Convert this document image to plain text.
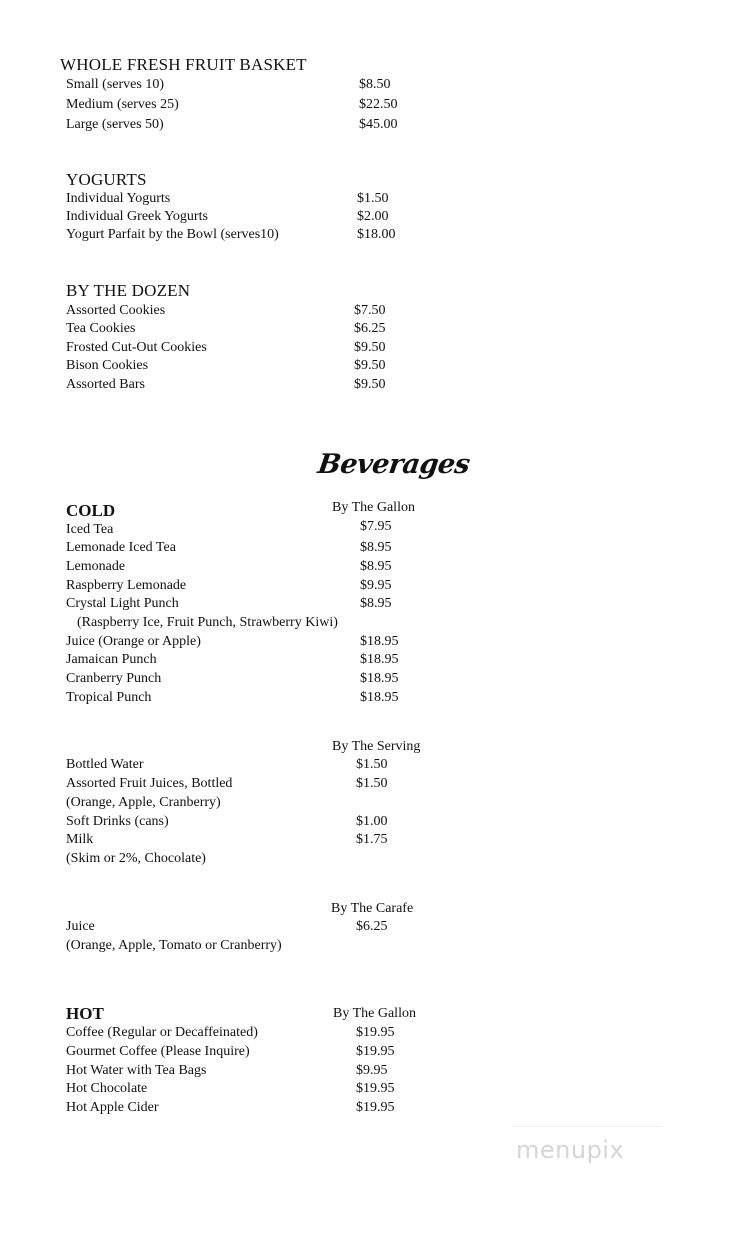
WHOLE FRESH FRUIT BASKET
Small (serves 10)	$8.50
Medium (serves 25)	$22.50
Large (serves 50)	$45.00
YOGURTS
Individual Yogurts	$1.50
Individual Greek Yogurts	$2.00
Yogurt Parfait by the Bowl (serves10)	$18.00
BY THE DOZEN
Assorted Cookies	$7.50
Tea Cookies	$6.25
Frosted Cut-Out Cookies	$9.50
Bison Cookies	$9.50
Assorted Bars	$9.50
Beverages
COLD	By The Gallon
Iced Tea	$7.95
Lemonade Iced Tea	$8.95
Lemonade	$8.95
Raspberry Lemonade	$9.95
Crystal Light Punch	$8.95
(Raspberry Ice, Fruit Punch, Strawberry Kiwi)
Juice (Orange or Apple)	$18.95
Jamaican Punch	$18.95
Cranberry Punch	$18.95
Tropical Punch	$18.95
By The Serving
Bottled Water	$1.50
Assorted Fruit Juices, Bottled	$1.50
(Orange, Apple, Cranberry)
Soft Drinks (cans)	$1.00
Milk	$1.75
(Skim or 2%, Chocolate)
By The Carafe
Juice	$6.25
(Orange, Apple, Tomato or Cranberry)
HOT	By The Gallon
Coffee (Regular or Decaffeinated)	$19.95
Gourmet Coffee (Please Inquire)	$19.95
Hot Water with Tea Bags	$9.95
Hot Chocolate	$19.95
Hot Apple Cider	$19.95
menupix
